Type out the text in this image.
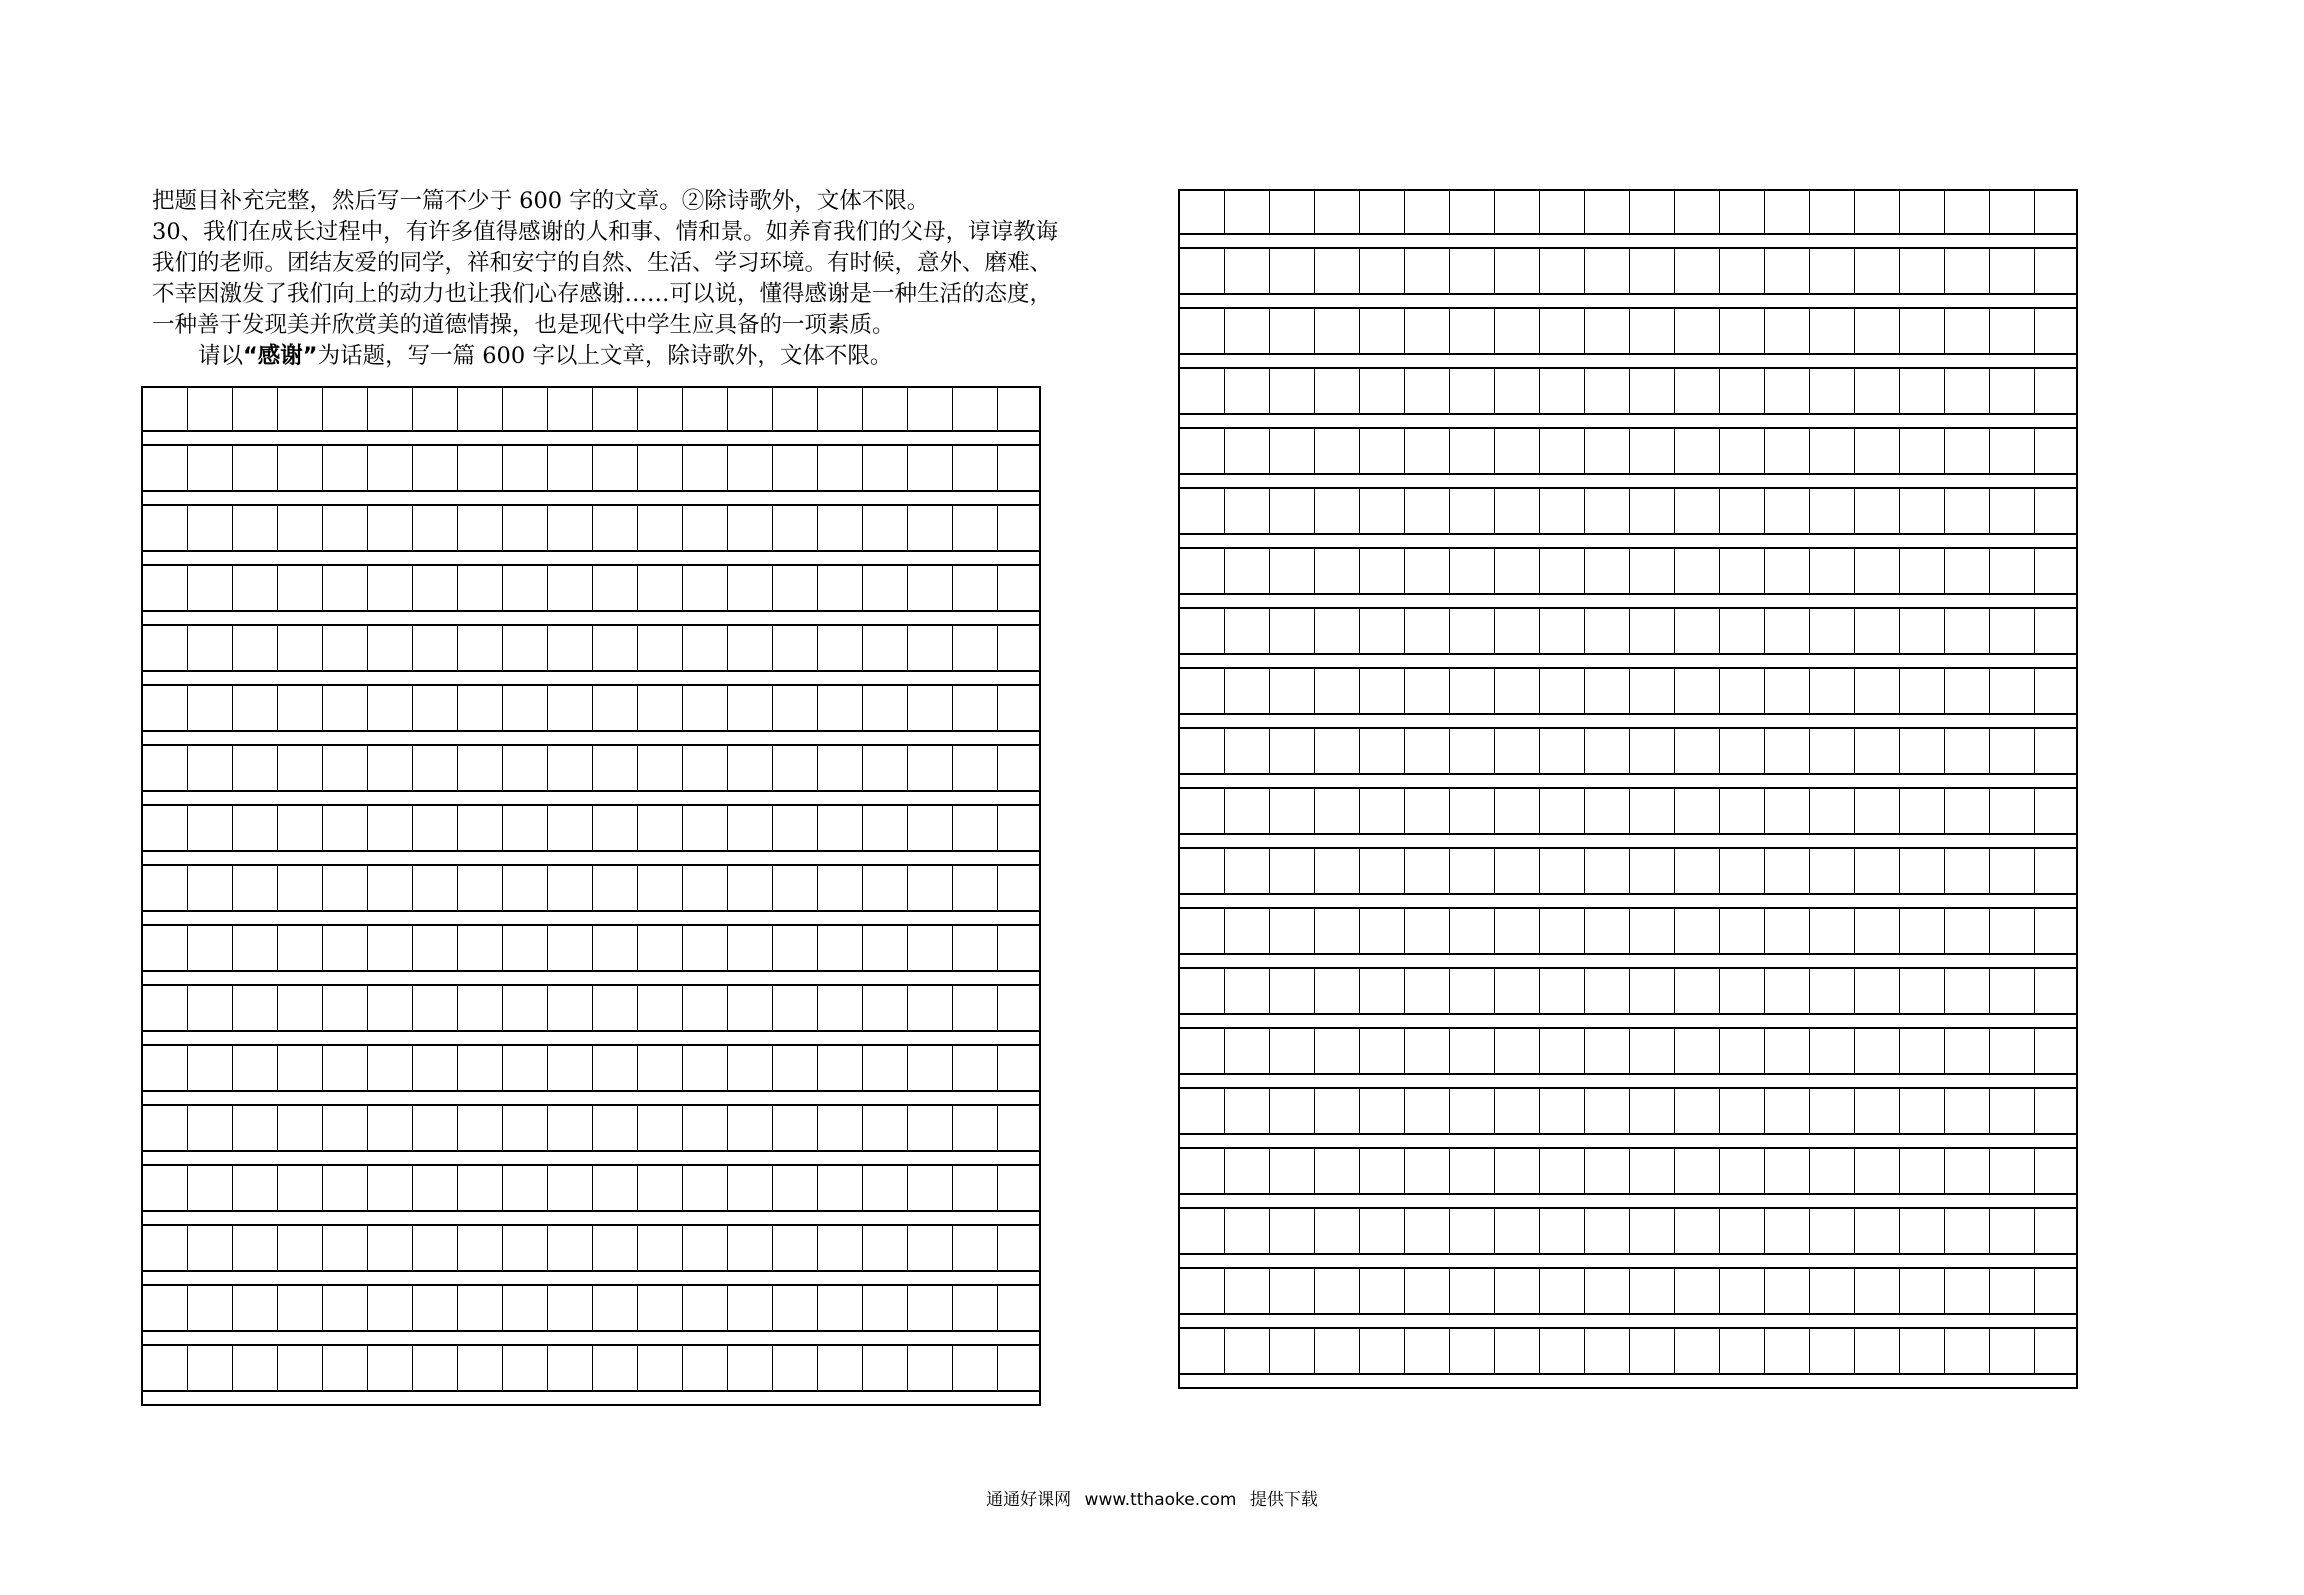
把题目补充完整，然后写一篇不少于 600 字的文章。②除诗歌外，文体不限。

30、我们在成长过程中，有许多值得感谢的人和事、情和景。如养育我们的父母，谆谆教诲

我们的老师。团结友爱的同学，祥和安宁的自然、生活、学习环境。有时候，意外、磨难、

不幸因激发了我们向上的动力也让我们心存感谢……可以说，懂得感谢是一种生活的态度，

一种善于发现美并欣赏美的道德情操，也是现代中学生应具备的一项素质。

请以“感谢”为话题，写一篇 600 字以上文章，除诗歌外，文体不限。

通通好课网 www.tthaoke.com 提供下载
